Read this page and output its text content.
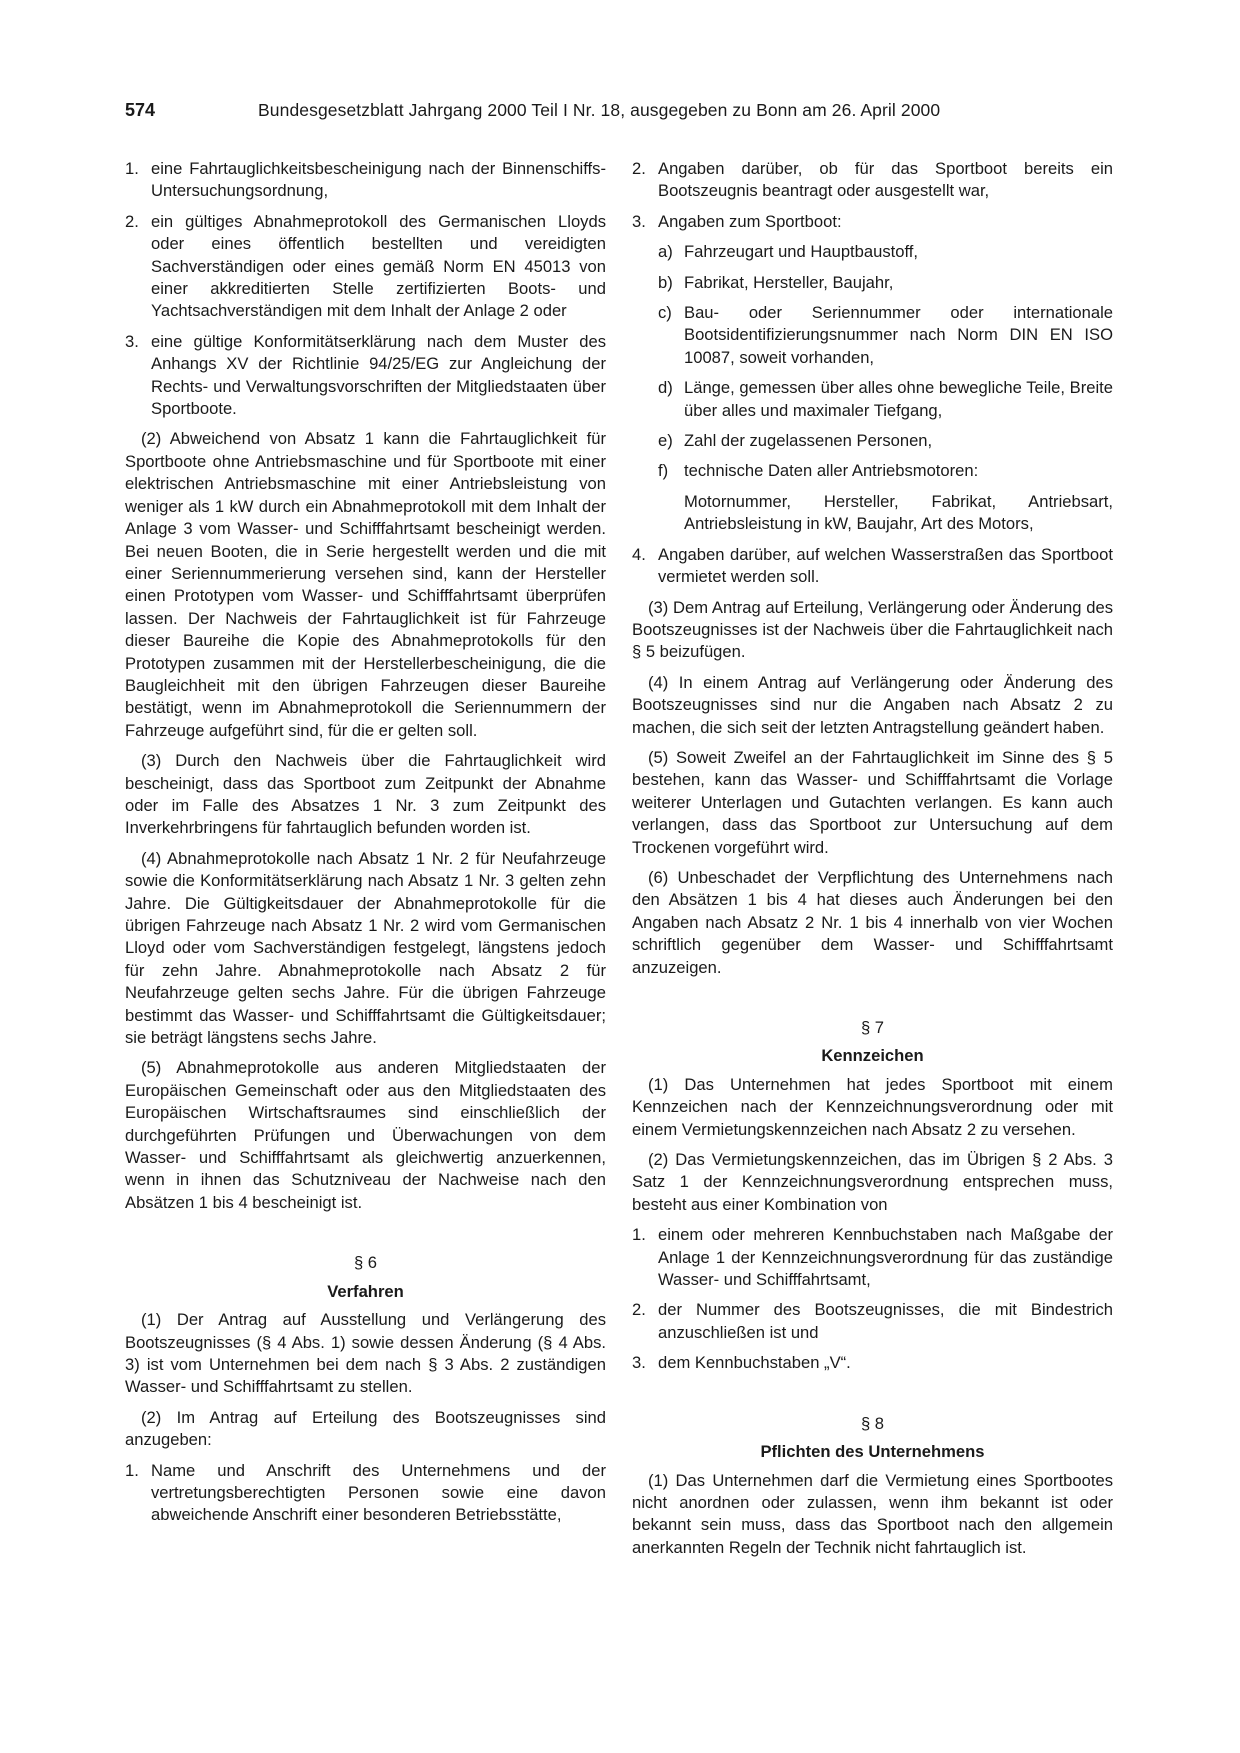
574	Bundesgesetzblatt Jahrgang 2000 Teil I Nr. 18, ausgegeben zu Bonn am 26. April 2000
1. eine Fahrtauglichkeitsbescheinigung nach der Binnenschiffs-Untersuchungsordnung,
2. ein gültiges Abnahmeprotokoll des Germanischen Lloyds oder eines öffentlich bestellten und vereidigten Sachverständigen oder eines gemäß Norm EN 45013 von einer akkreditierten Stelle zertifizierten Boots- und Yachtsachverständigen mit dem Inhalt der Anlage 2 oder
3. eine gültige Konformitätserklärung nach dem Muster des Anhangs XV der Richtlinie 94/25/EG zur Angleichung der Rechts- und Verwaltungsvorschriften der Mitgliedstaaten über Sportboote.

(2) Abweichend von Absatz 1 kann die Fahrtauglichkeit für Sportboote ohne Antriebsmaschine und für Sportboote mit einer elektrischen Antriebsmaschine mit einer Antriebsleistung von weniger als 1 kW durch ein Abnahmeprotokoll mit dem Inhalt der Anlage 3 vom Wasser- und Schifffahrtsamt bescheinigt werden. Bei neuen Booten, die in Serie hergestellt werden und die mit einer Seriennummerierung versehen sind, kann der Hersteller einen Prototypen vom Wasser- und Schifffahrtsamt überprüfen lassen. Der Nachweis der Fahrtauglichkeit ist für Fahrzeuge dieser Baureihe die Kopie des Abnahmeprotokolls für den Prototypen zusammen mit der Herstellerbescheinigung, die die Baugleichheit mit den übrigen Fahrzeugen dieser Baureihe bestätigt, wenn im Abnahmeprotokoll die Seriennummern der Fahrzeuge aufgeführt sind, für die er gelten soll.

(3) Durch den Nachweis über die Fahrtauglichkeit wird bescheinigt, dass das Sportboot zum Zeitpunkt der Abnahme oder im Falle des Absatzes 1 Nr. 3 zum Zeitpunkt des Inverkehrbringens für fahrtauglich befunden worden ist.

(4) Abnahmeprotokolle nach Absatz 1 Nr. 2 für Neufahrzeuge sowie die Konformitätserklärung nach Absatz 1 Nr. 3 gelten zehn Jahre. Die Gültigkeitsdauer der Abnahmeprotokolle für die übrigen Fahrzeuge nach Absatz 1 Nr. 2 wird vom Germanischen Lloyd oder vom Sachverständigen festgelegt, längstens jedoch für zehn Jahre. Abnahmeprotokolle nach Absatz 2 für Neufahrzeuge gelten sechs Jahre. Für die übrigen Fahrzeuge bestimmt das Wasser- und Schifffahrtsamt die Gültigkeitsdauer; sie beträgt längstens sechs Jahre.

(5) Abnahmeprotokolle aus anderen Mitgliedstaaten der Europäischen Gemeinschaft oder aus den Mitgliedstaaten des Europäischen Wirtschaftsraumes sind einschließlich der durchgeführten Prüfungen und Überwachungen von dem Wasser- und Schifffahrtsamt als gleichwertig anzuerkennen, wenn in ihnen das Schutzniveau der Nachweise nach den Absätzen 1 bis 4 bescheinigt ist.

§ 6
Verfahren

(1) Der Antrag auf Ausstellung und Verlängerung des Bootszeugnisses (§ 4 Abs. 1) sowie dessen Änderung (§ 4 Abs. 3) ist vom Unternehmen bei dem nach § 3 Abs. 2 zuständigen Wasser- und Schifffahrtsamt zu stellen.

(2) Im Antrag auf Erteilung des Bootszeugnisses sind anzugeben:

1. Name und Anschrift des Unternehmens und der vertretungsberechtigten Personen sowie eine davon abweichende Anschrift einer besonderen Betriebsstätte,
2. Angaben darüber, ob für das Sportboot bereits ein Bootszeugnis beantragt oder ausgestellt war,
3. Angaben zum Sportboot:
a) Fahrzeugart und Hauptbaustoff,
b) Fabrikat, Hersteller, Baujahr,
c) Bau- oder Seriennummer oder internationale Bootsidentifizierungsnummer nach Norm DIN EN ISO 10087, soweit vorhanden,
d) Länge, gemessen über alles ohne bewegliche Teile, Breite über alles und maximaler Tiefgang,
e) Zahl der zugelassenen Personen,
f) technische Daten aller Antriebsmotoren:

Motornummer, Hersteller, Fabrikat, Antriebsart, Antriebsleistung in kW, Baujahr, Art des Motors,

4. Angaben darüber, auf welchen Wasserstraßen das Sportboot vermietet werden soll.

(3) Dem Antrag auf Erteilung, Verlängerung oder Änderung des Bootszeugnisses ist der Nachweis über die Fahrtauglichkeit nach § 5 beizufügen.

(4) In einem Antrag auf Verlängerung oder Änderung des Bootszeugnisses sind nur die Angaben nach Absatz 2 zu machen, die sich seit der letzten Antragstellung geändert haben.

(5) Soweit Zweifel an der Fahrtauglichkeit im Sinne des § 5 bestehen, kann das Wasser- und Schifffahrtsamt die Vorlage weiterer Unterlagen und Gutachten verlangen. Es kann auch verlangen, dass das Sportboot zur Untersuchung auf dem Trockenen vorgeführt wird.

(6) Unbeschadet der Verpflichtung des Unternehmens nach den Absätzen 1 bis 4 hat dieses auch Änderungen bei den Angaben nach Absatz 2 Nr. 1 bis 4 innerhalb von vier Wochen schriftlich gegenüber dem Wasser- und Schifffahrtsamt anzuzeigen.

§ 7
Kennzeichen

(1) Das Unternehmen hat jedes Sportboot mit einem Kennzeichen nach der Kennzeichnungsverordnung oder mit einem Vermietungskennzeichen nach Absatz 2 zu versehen.

(2) Das Vermietungskennzeichen, das im Übrigen § 2 Abs. 3 Satz 1 der Kennzeichnungsverordnung entsprechen muss, besteht aus einer Kombination von

1. einem oder mehreren Kennbuchstaben nach Maßgabe der Anlage 1 der Kennzeichnungsverordnung für das zuständige Wasser- und Schifffahrtsamt,
2. der Nummer des Bootszeugnisses, die mit Bindestrich anzuschließen ist und
3. dem Kennbuchstaben „V“.
§ 8
Pflichten des Unternehmens

(1) Das Unternehmen darf die Vermietung eines Sportbootes nicht anordnen oder zulassen, wenn ihm bekannt ist oder bekannt sein muss, dass das Sportboot nach den allgemein anerkannten Regeln der Technik nicht fahrtauglich ist.
